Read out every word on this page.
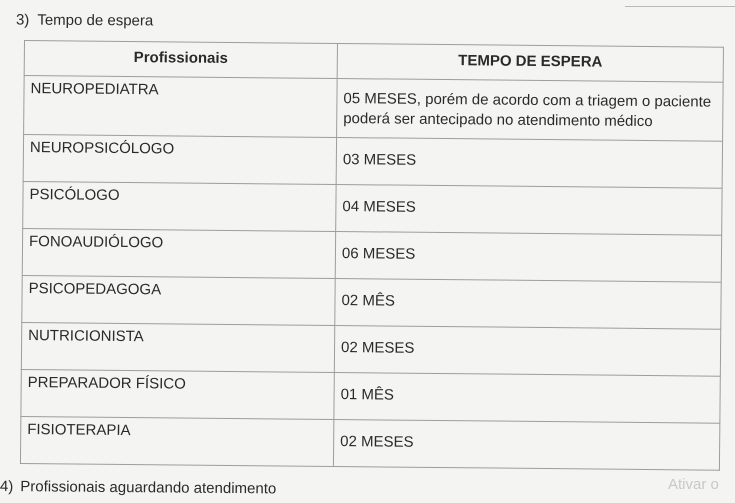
3) Tempo de espera
Profissionais	TEMPO DE ESPERA
NEUROPEDIATRA	05 MESES, porém de acordo com a triagem o paciente poderá ser antecipado no atendimento médico
NEUROPSICÓLOGO	03 MESES
PSICÓLOGO	04 MESES
FONOAUDIÓLOGO	06 MESES
PSICOPEDAGOGA	02 MÊS
NUTRICIONISTA	02 MESES
PREPARADOR FÍSICO	01 MÊS
FISIOTERAPIA	02 MESES
4) Profissionais aguardando atendimento	Ativar o
